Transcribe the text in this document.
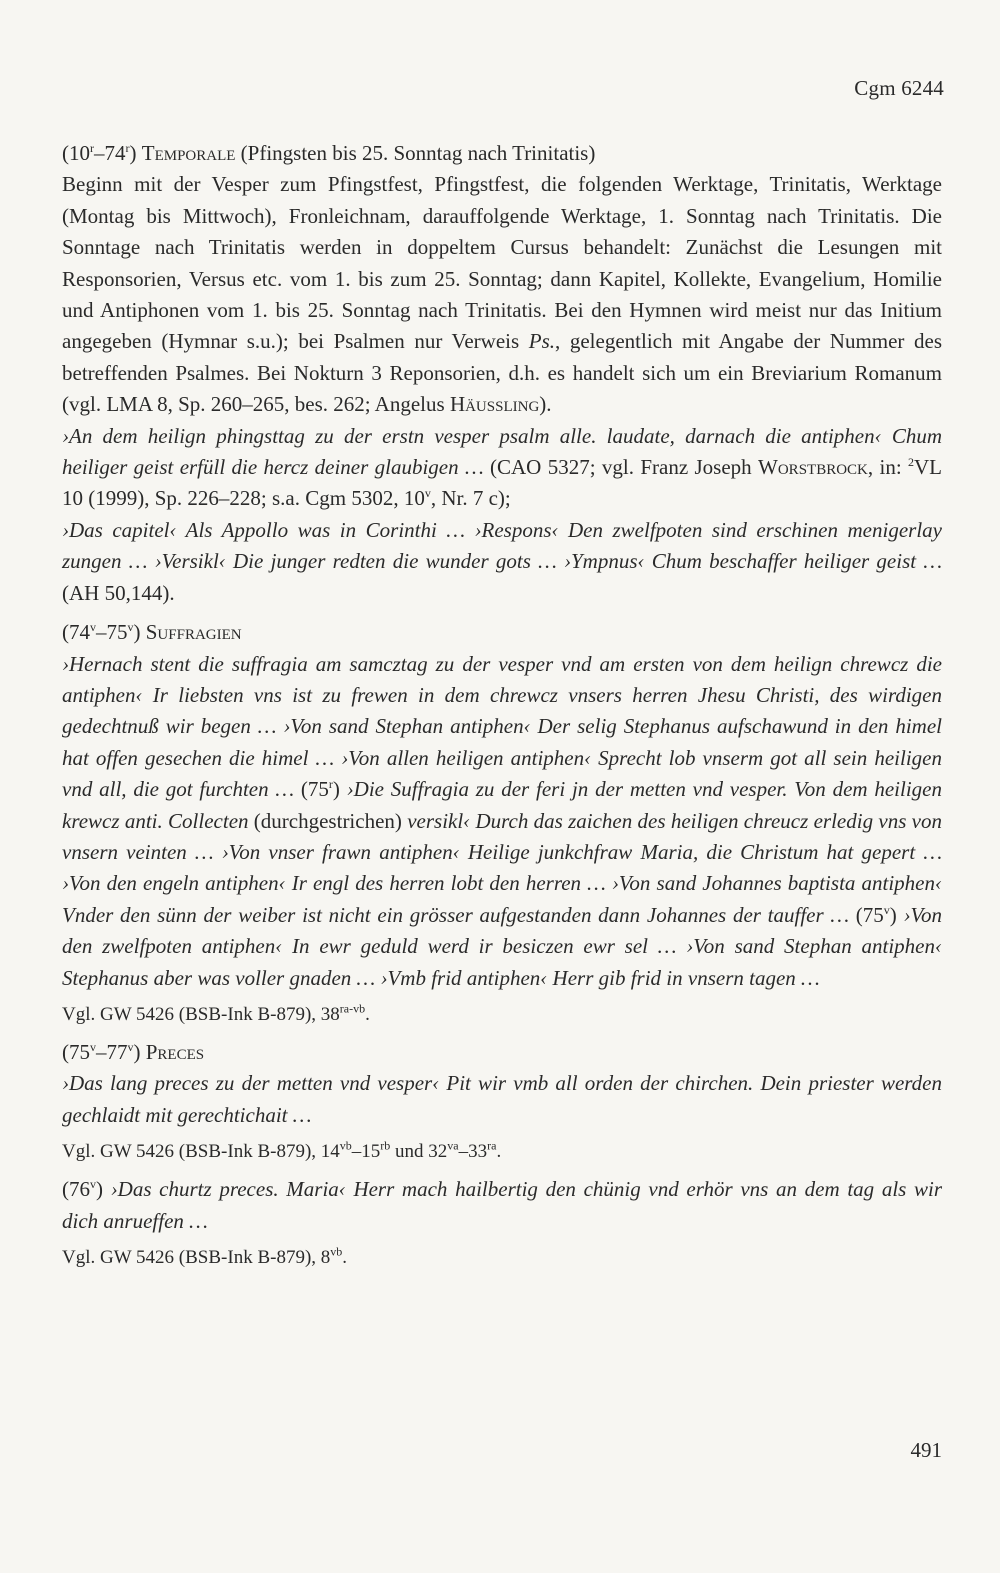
Cgm 6244

(10$^r$–74$^r$) Temporale (Pfingsten bis 25. Sonntag nach Trinitatis)
Beginn mit der Vesper zum Pfingstfest, Pfingstfest, die folgenden Werktage, Trinitatis, Werktage (Montag bis Mittwoch), Fronleichnam, darauffolgende Werktage, 1. Sonntag nach Trinitatis. Die Sonntage nach Trinitatis werden in doppeltem Cursus behandelt: Zunächst die Lesungen mit Responsorien, Versus etc. vom 1. bis zum 25. Sonntag; dann Kapitel, Kollekte, Evangelium, Homilie und Antiphonen vom 1. bis 25. Sonntag nach Trinitatis. Bei den Hymnen wird meist nur das Initium angegeben (Hymnar s.u.); bei Psalmen nur Verweis Ps., gelegentlich mit Angabe der Nummer des betreffenden Psalmes. Bei Nokturn 3 Reponsorien, d.h. es handelt sich um ein Breviarium Romanum (vgl. LMA 8, Sp. 260–265, bes. 262; Angelus Häussling).
›An dem heilign phingsttag zu der erstn vesper psalm alle. laudate, darnach die antiphen‹ Chum heiliger geist erfüll die hercz deiner glaubigen … (CAO 5327; vgl. Franz Joseph Worstbrock, in: $^2$VL 10 (1999), Sp. 226–228; s.a. Cgm 5302, 10$^v$, Nr. 7 c);
›Das capitel‹ Als Appollo was in Corinthi … ›Respons‹ Den zwelfpoten sind erschinen menigerlay zungen … ›Versikl‹ Die junger redten die wunder gots … ›Ympnus‹ Chum beschaffer heiliger geist … (AH 50,144).

(74$^v$–75$^v$) Suffragien
›Hernach stent die suffragia am samcztag zu der vesper vnd am ersten von dem heilign chrewcz die antiphen‹ Ir liebsten vns ist zu frewen in dem chrewcz vnsers herren Jhesu Christi, des wirdigen gedechtnuß wir begen … ›Von sand Stephan antiphen‹ Der selig Stephanus aufschawund in den himel hat offen gesechen die himel … ›Von allen heiligen antiphen‹ Sprecht lob vnserm got all sein heiligen vnd all, die got furchten … (75$^r$) ›Die Suffragia zu der feri jn der metten vnd vesper. Von dem heiligen krewcz anti. Collecten (durchgestrichen) versikl‹ Durch das zaichen des heiligen chreucz erledig vns von vnsern veinten … ›Von vnser frawn antiphen‹ Heilige junkchfraw Maria, die Christum hat gepert … ›Von den engeln antiphen‹ Ir engl des herren lobt den herren … ›Von sand Johannes baptista antiphen‹ Vnder den sünn der weiber ist nicht ein grösser aufgestanden dann Johannes der tauffer … (75$^v$) ›Von den zwelfpoten antiphen‹ In ewr geduld werd ir besiczen ewr sel … ›Von sand Stephan antiphen‹ Stephanus aber was voller gnaden … ›Vmb frid antiphen‹ Herr gib frid in vnsern tagen …

Vgl. GW 5426 (BSB-Ink B-879), $38^{ra-vb}$.

(75$^v$–77$^v$) Preces
›Das lang preces zu der metten vnd vesper‹ Pit wir vmb all orden der chirchen. Dein priester werden gechlaidt mit gerechtichait …

Vgl. GW 5426 (BSB-Ink B-879), $14^{vb}-15^{rb}$ und $32^{va}-33^{ra}$.

(76$^v$) ›Das churtz preces. Maria‹ Herr mach hailbertig den chünig vnd erhör vns an dem tag als wir dich anrueffen …

Vgl. GW 5426 (BSB-Ink B-879), $8^{vb}$.

491
